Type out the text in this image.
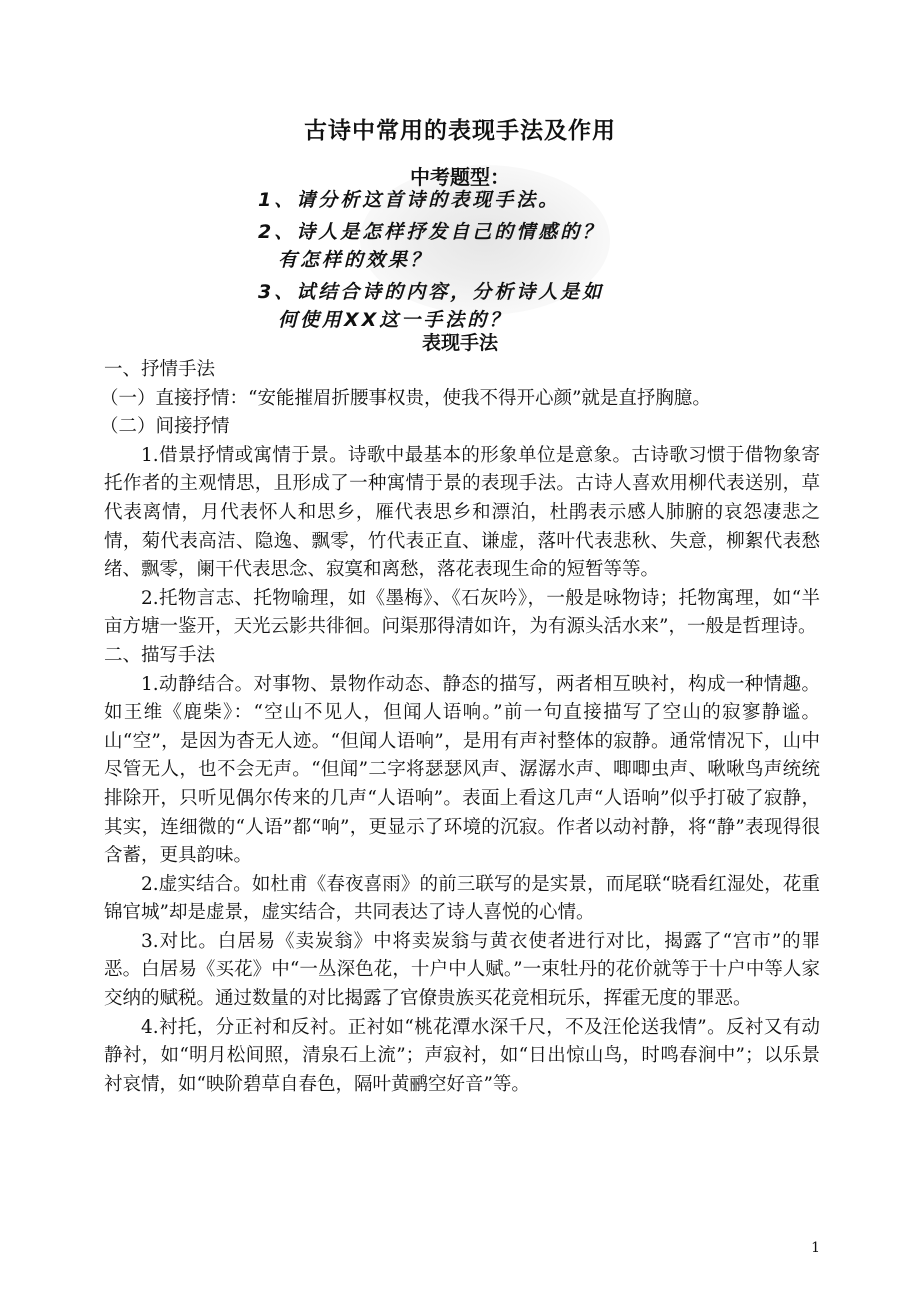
古诗中常用的表现手法及作用
中考题型：
1、请分析这首诗的表现手法。
2、诗人是怎样抒发自己的情感的？
有怎样的效果？
3、试结合诗的内容，分析诗人是如
何使用XX这一手法的？
表现手法

一、抒情手法

（一）直接抒情：“安能摧眉折腰事权贵，使我不得开心颜”就是直抒胸臆。

（二）间接抒情

1.借景抒情或寓情于景。诗歌中最基本的形象单位是意象。古诗歌习惯于借物象寄托作者的主观情思，且形成了一种寓情于景的表现手法。古诗人喜欢用柳代表送别，草代表离情，月代表怀人和思乡，雁代表思乡和漂泊，杜鹃表示感人肺腑的哀怨凄悲之情，菊代表高洁、隐逸、飘零，竹代表正直、谦虚，落叶代表悲秋、失意，柳絮代表愁绪、飘零，阑干代表思念、寂寞和离愁，落花表现生命的短暂等等。

2.托物言志、托物喻理，如《墨梅》、《石灰吟》，一般是咏物诗；托物寓理，如“半亩方塘一鉴开，天光云影共徘徊。问渠那得清如许，为有源头活水来”，一般是哲理诗。

二、描写手法

1.动静结合。对事物、景物作动态、静态的描写，两者相互映衬，构成一种情趣。如王维《鹿柴》：“空山不见人，但闻人语响。”前一句直接描写了空山的寂寥静谧。山“空”，是因为杳无人迹。“但闻人语响”，是用有声衬整体的寂静。通常情况下，山中尽管无人，也不会无声。“但闻”二字将瑟瑟风声、潺潺水声、唧唧虫声、啾啾鸟声统统排除开，只听见偶尔传来的几声“人语响”。表面上看这几声“人语响”似乎打破了寂静，其实，连细微的“人语”都“响”，更显示了环境的沉寂。作者以动衬静，将“静”表现得很含蓄，更具韵味。

2.虚实结合。如杜甫《春夜喜雨》的前三联写的是实景，而尾联“晓看红湿处，花重锦官城”却是虚景，虚实结合，共同表达了诗人喜悦的心情。

3.对比。白居易《卖炭翁》中将卖炭翁与黄衣使者进行对比，揭露了“宫市”的罪恶。白居易《买花》中“一丛深色花，十户中人赋。”一束牡丹的花价就等于十户中等人家交纳的赋税。通过数量的对比揭露了官僚贵族买花竞相玩乐，挥霍无度的罪恶。

4.衬托，分正衬和反衬。正衬如“桃花潭水深千尺，不及汪伦送我情”。反衬又有动静衬，如“明月松间照，清泉石上流”；声寂衬，如“日出惊山鸟，时鸣春涧中”；以乐景衬哀情，如“映阶碧草自春色，隔叶黄鹂空好音”等。

1
